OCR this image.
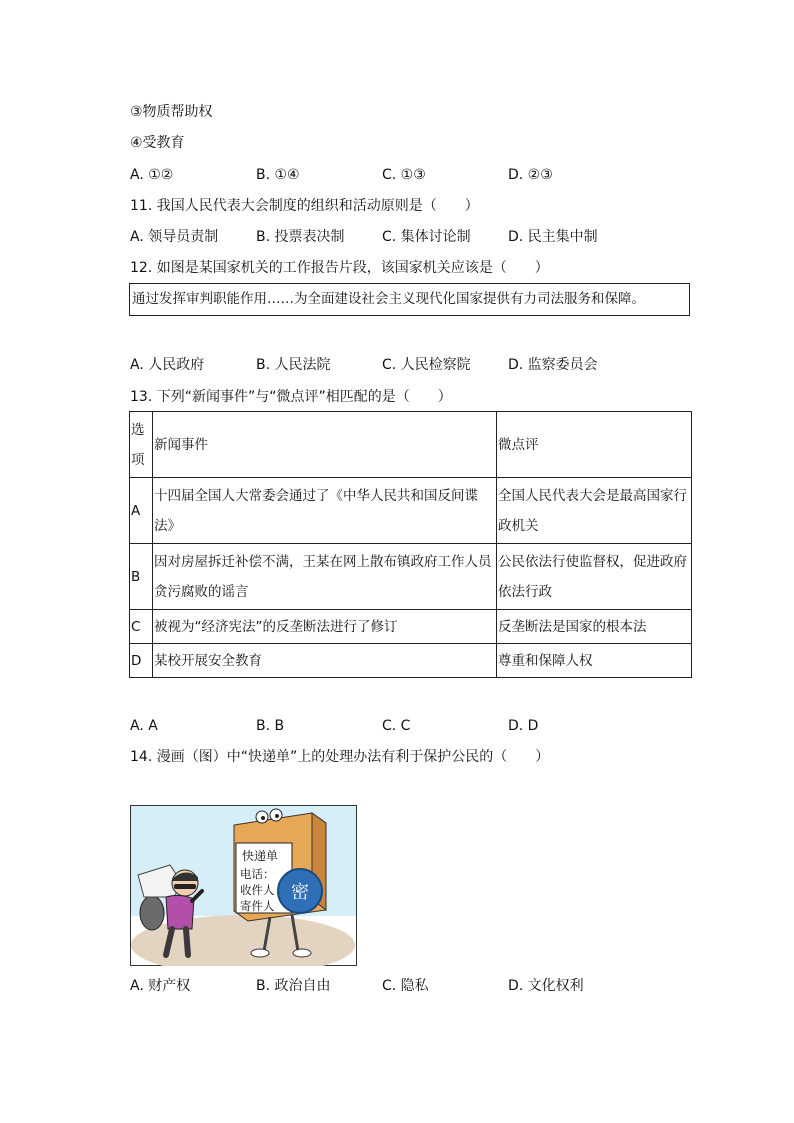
③物质帮助权
④受教育
A. ①②	B. ①④	C. ①③	D. ②③
11. 我国人民代表大会制度的组织和活动原则是（　　）
A. 领导员责制	B. 投票表决制	C. 集体讨论制	D. 民主集中制
12. 如图是某国家机关的工作报告片段，该国家机关应该是（　　）
通过发挥审判职能作用……为全面建设社会主义现代化国家提供有力司法服务和保障。
A. 人民政府	B. 人民法院	C. 人民检察院	D. 监察委员会
13. 下列“新闻事件”与“微点评”相匹配的是（　　）
选项	新闻事件	微点评
A	十四届全国人大常委会通过了《中华人民共和国反间谍法》	全国人民代表大会是最高国家行政机关
B	因对房屋拆迁补偿不满，王某在网上散布镇政府工作人员贪污腐败的谣言	公民依法行使监督权，促进政府依法行政
C	被视为“经济宪法”的反垄断法进行了修订	反垄断法是国家的根本法
D	某校开展安全教育	尊重和保障人权
A. A	B. B	C. C	D. D
14. 漫画（图）中“快递单”上的处理办法有利于保护公民的（　　）
快递单
电话：
收件人
寄件人
密
A. 财产权	B. 政治自由	C. 隐私	D. 文化权利
